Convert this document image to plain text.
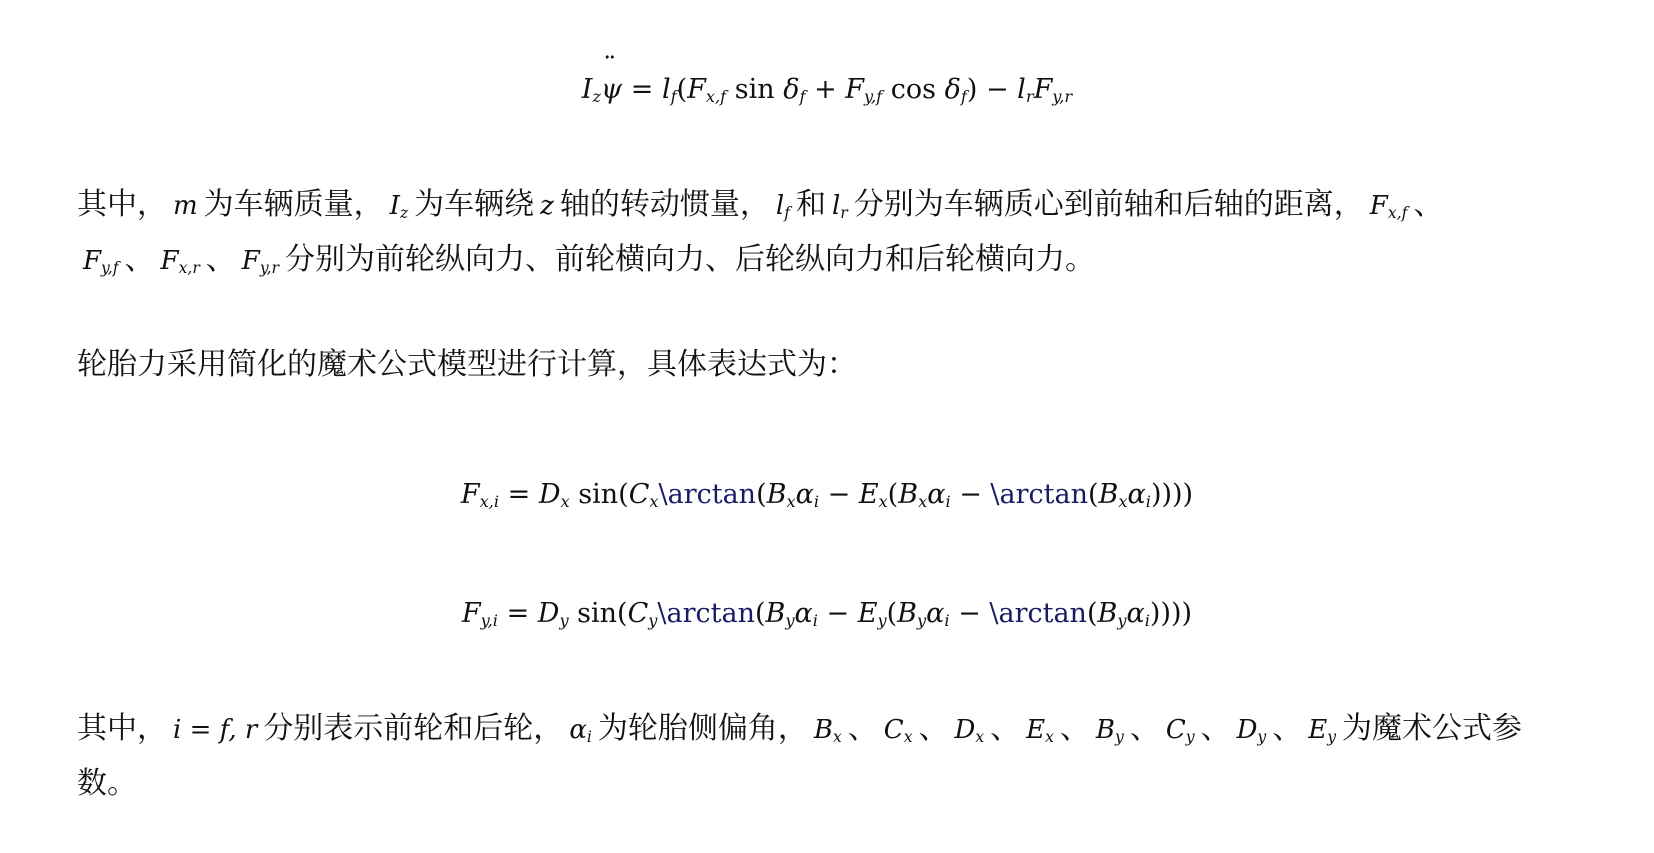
$I_z¨$ $\psi = l_f(F_{x,f}$ $\sin \delta_f + F_{y,f}$ $\cos \delta_f) - l_rF_{y,r}$
其中， m 为车辆质量， $I_z$ 为车辆绕 z 轴的转动惯量， $l_f$ 和 $l_r$ 分别为车辆质心到前轴和后轴的距离， $F_{x,f}$ 、
$F_{y,f}$ 、 $F_{x,r}$ 、 $F_{y,r}$ 分别为前轮纵向力、前轮横向力、后轮纵向力和后轮横向力。
轮胎力采用简化的魔术公式模型进行计算，具体表达式为：
$F_{x,i} = D_x$ $\sin(C_x\backslash\arctan(B_x\alpha_i - E_x(B_x\alpha_i$ − $\backslash\arctan(B_x\alpha_i)$)))
$F_{y,i} = D_y$ $\sin(C_y\backslash\arctan(B_y\alpha_i - E_y(B_y\alpha_i$ − $\backslash\arctan(B_y\alpha_i)$)))
其中， i = f, r 分别表示前轮和后轮， $\alpha_i$ 为轮胎侧偏角， $B_x$ 、 $C_x$ 、 $D_x$ 、 $E_x$ 、 $B_y$ 、 $C_y$ 、 $D_y$ 、 $E_y$ 为魔术公式参数。
